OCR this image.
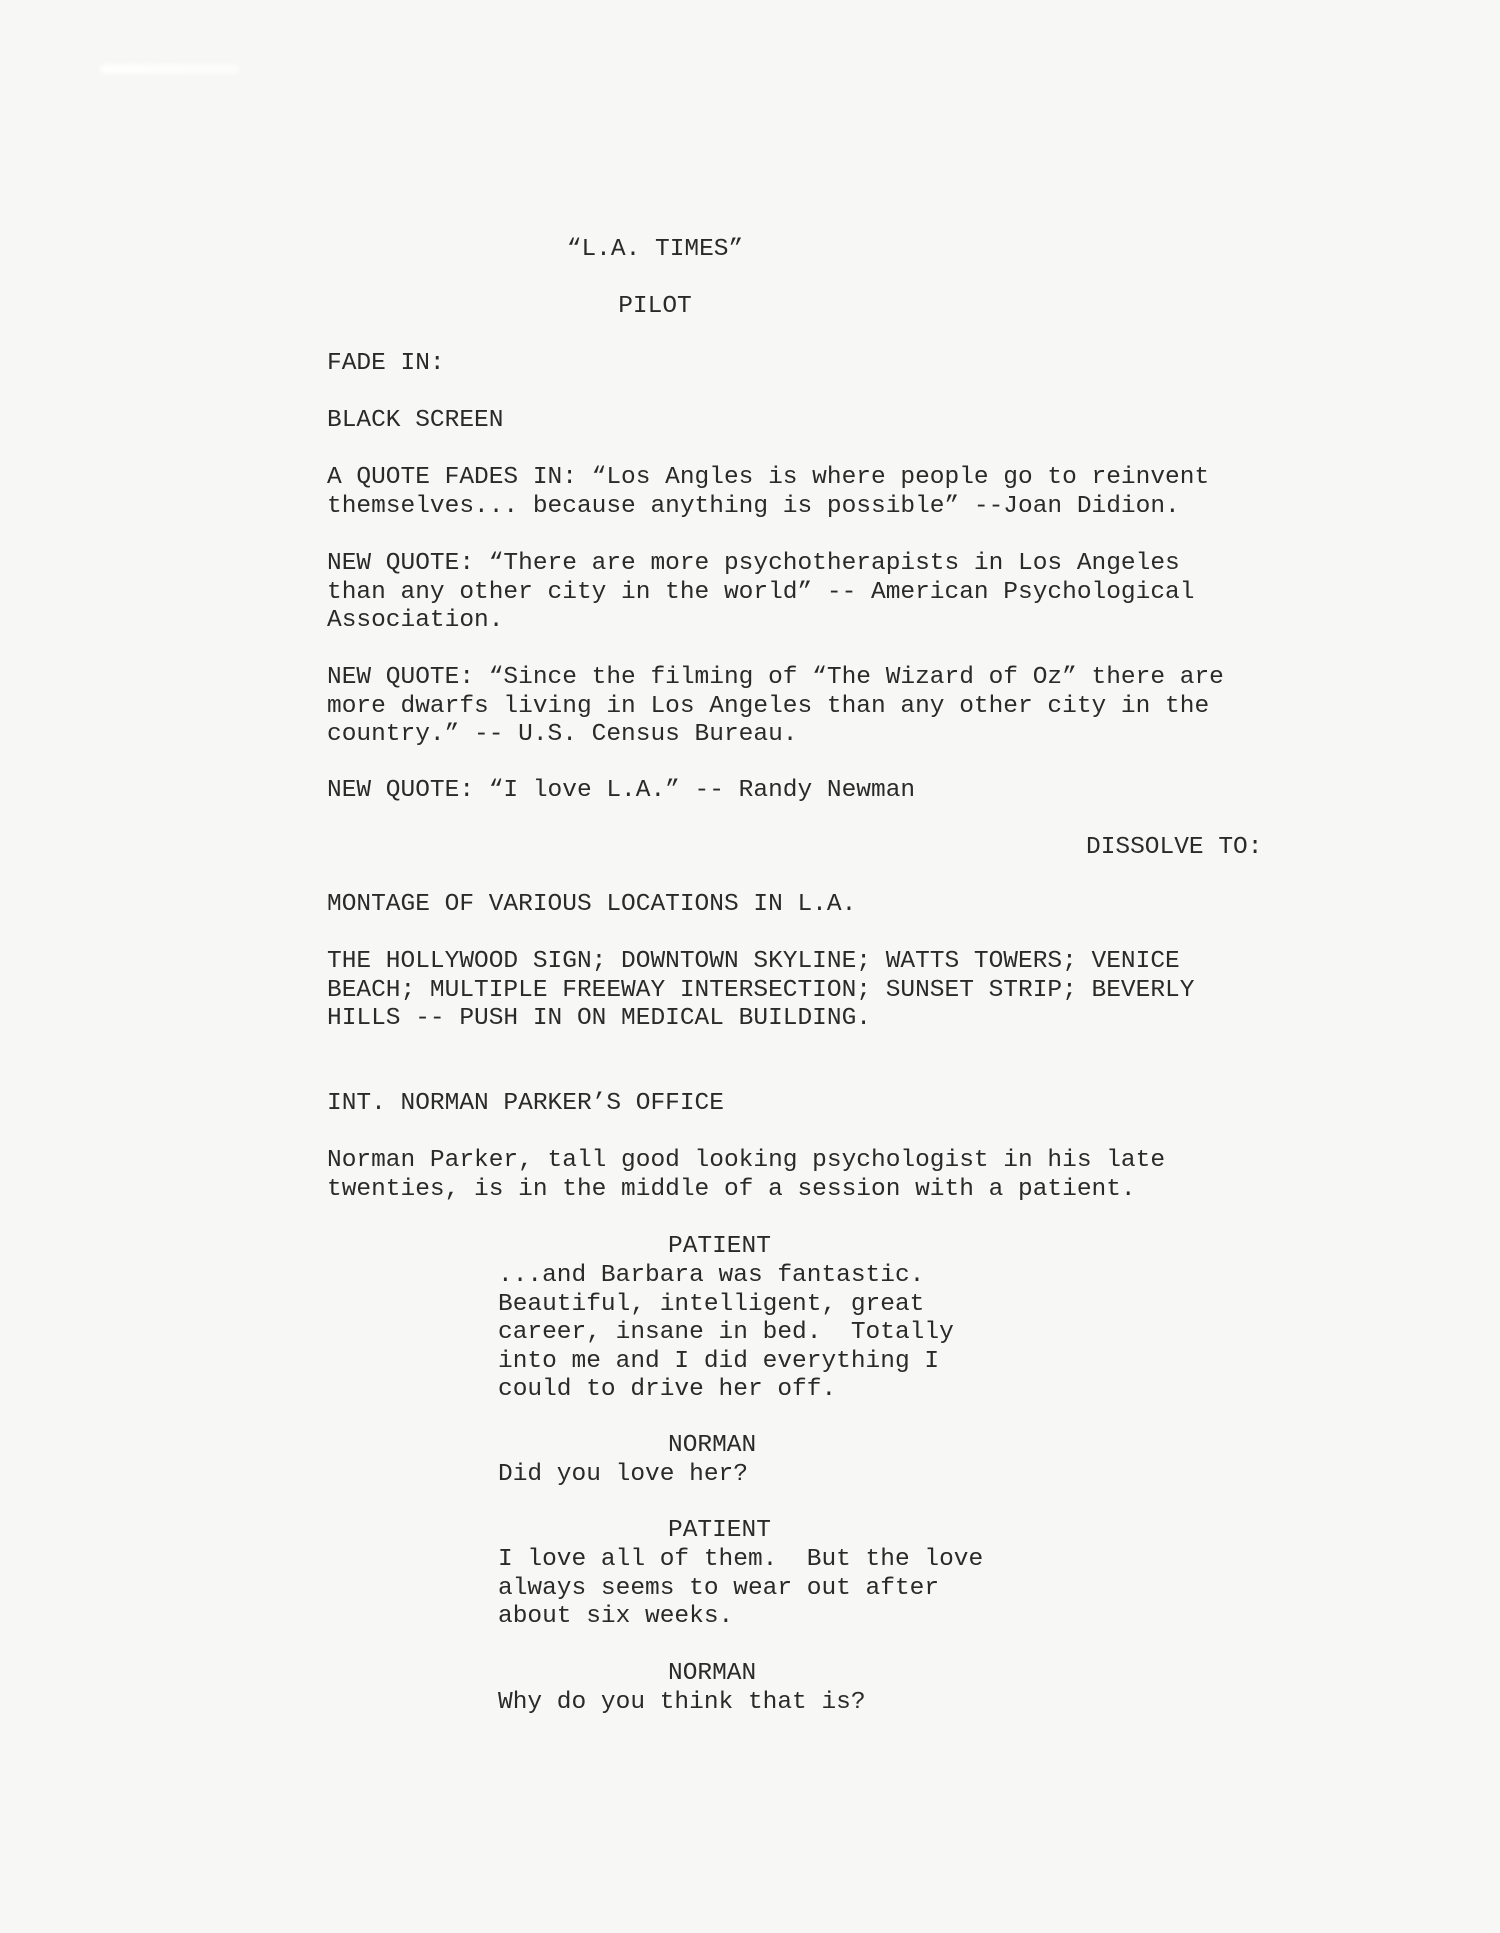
“L.A. TIMES”
PILOT
FADE IN:
BLACK SCREEN
A QUOTE FADES IN: “Los Angles is where people go to reinvent
themselves... because anything is possible” --Joan Didion.
NEW QUOTE: “There are more psychotherapists in Los Angeles
than any other city in the world” -- American Psychological
Association.
NEW QUOTE: “Since the filming of “The Wizard of Oz” there are
more dwarfs living in Los Angeles than any other city in the
country.” -- U.S. Census Bureau.
NEW QUOTE: “I love L.A.” -- Randy Newman
DISSOLVE TO:
MONTAGE OF VARIOUS LOCATIONS IN L.A.
THE HOLLYWOOD SIGN; DOWNTOWN SKYLINE; WATTS TOWERS; VENICE
BEACH; MULTIPLE FREEWAY INTERSECTION; SUNSET STRIP; BEVERLY
HILLS -- PUSH IN ON MEDICAL BUILDING.
INT. NORMAN PARKER’S OFFICE
Norman Parker, tall good looking psychologist in his late
twenties, is in the middle of a session with a patient.
PATIENT
...and Barbara was fantastic.
Beautiful, intelligent, great
career, insane in bed.  Totally
into me and I did everything I
could to drive her off.
NORMAN
Did you love her?
PATIENT
I love all of them.  But the love
always seems to wear out after
about six weeks.
NORMAN
Why do you think that is?
